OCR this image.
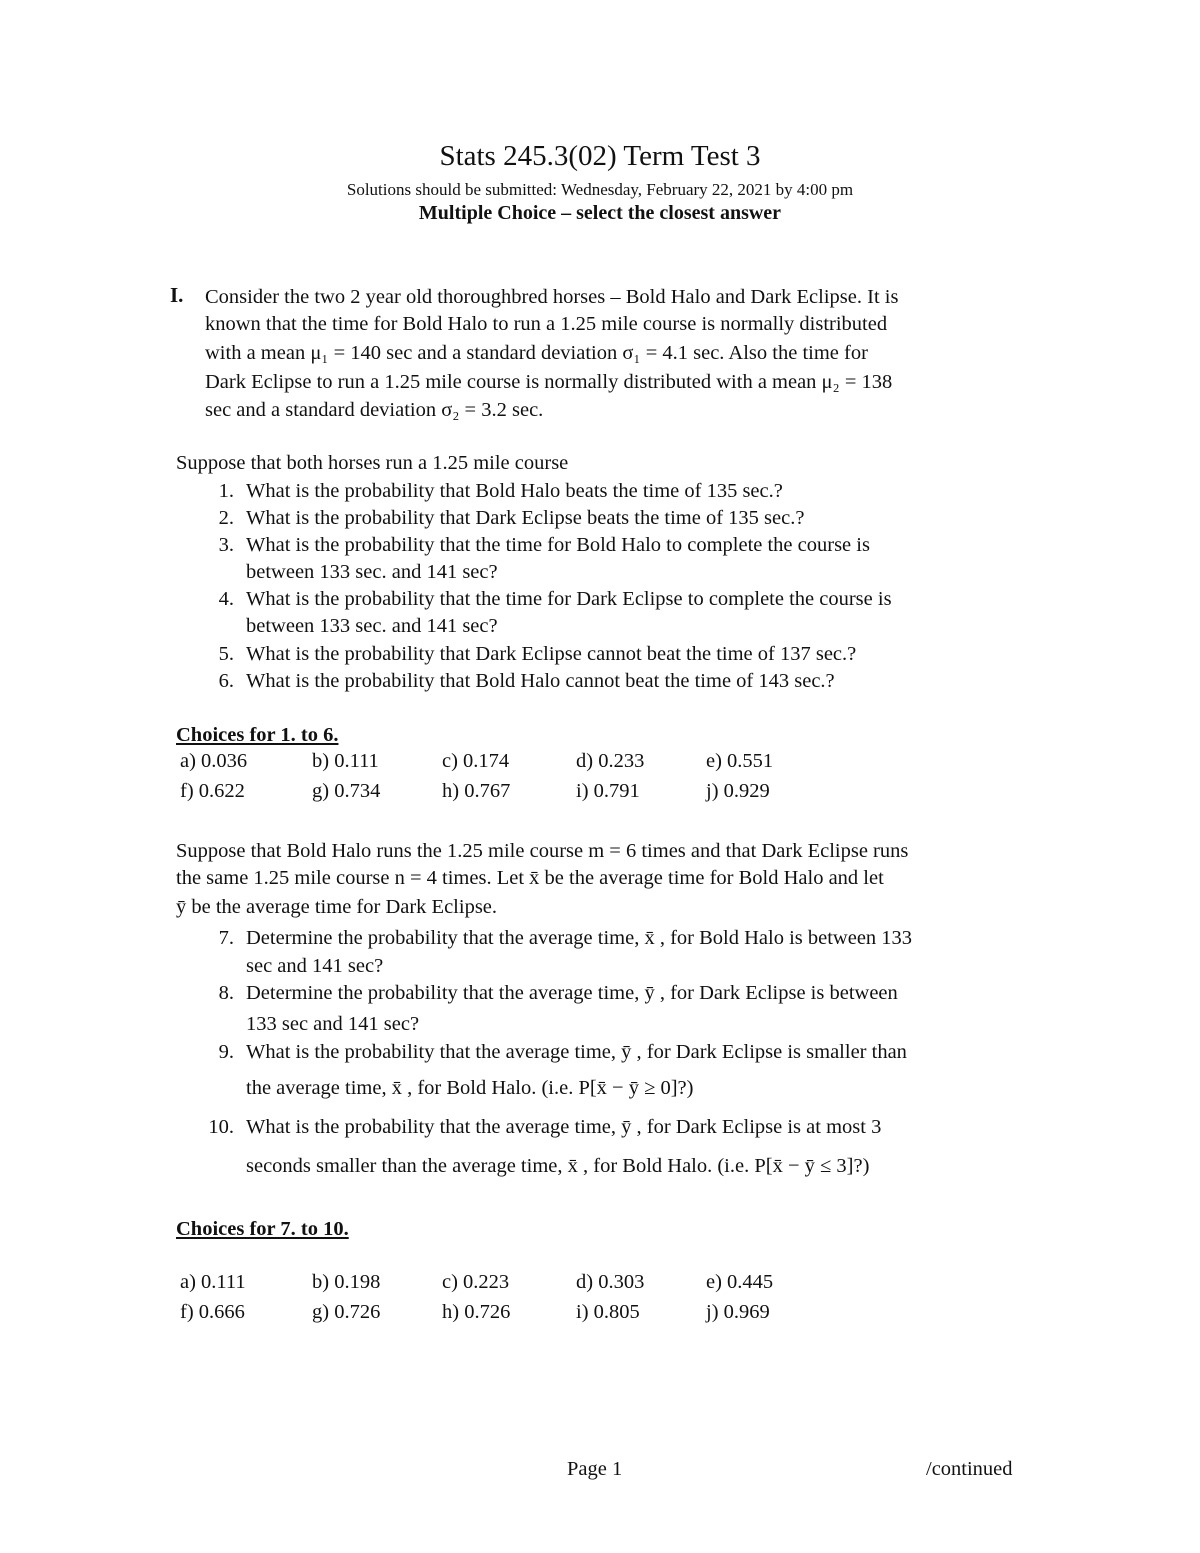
Stats 245.3(02) Term Test 3
Solutions should be submitted: Wednesday, February 22, 2021 by 4:00 pm
Multiple Choice – select the closest answer
I. Consider the two 2 year old thoroughbred horses – Bold Halo and Dark Eclipse. It is
known that the time for Bold Halo to run a 1.25 mile course is normally distributed
with a mean μ₁ = 140 sec and a standard deviation σ₁ = 4.1 sec. Also the time for
Dark Eclipse to run a 1.25 mile course is normally distributed with a mean μ₂ = 138
sec and a standard deviation σ₂ = 3.2 sec.
Suppose that both horses run a 1.25 mile course
1. What is the probability that Bold Halo beats the time of 135 sec.?
2. What is the probability that Dark Eclipse beats the time of 135 sec.?
3. What is the probability that the time for Bold Halo to complete the course is
between 133 sec. and 141 sec?
4. What is the probability that the time for Dark Eclipse to complete the course is
between 133 sec. and 141 sec?
5. What is the probability that Dark Eclipse cannot beat the time of 137 sec.?
6. What is the probability that Bold Halo cannot beat the time of 143 sec.?
Choices for 1. to 6.
a) 0.036	b) 0.111	c) 0.174	d) 0.233	e) 0.551
f) 0.622	g) 0.734	h) 0.767	i) 0.791	j) 0.929
Suppose that Bold Halo runs the 1.25 mile course m = 6 times and that Dark Eclipse runs
the same 1.25 mile course n = 4 times. Let x̄ be the average time for Bold Halo and let
ȳ be the average time for Dark Eclipse.
7. Determine the probability that the average time, x̄ , for Bold Halo is between 133
sec and 141 sec?
8. Determine the probability that the average time, ȳ , for Dark Eclipse is between
133 sec and 141 sec?
9. What is the probability that the average time, ȳ , for Dark Eclipse is smaller than
the average time, x̄ , for Bold Halo. (i.e. P[x̄ − ȳ ≥ 0]?)
10. What is the probability that the average time, ȳ , for Dark Eclipse is at most 3
seconds smaller than the average time, x̄ , for Bold Halo. (i.e. P[x̄ − ȳ ≤ 3]?)
Choices for 7. to 10.
a) 0.111	b) 0.198	c) 0.223	d) 0.303	e) 0.445
f) 0.666	g) 0.726	h) 0.726	i) 0.805	j) 0.969
Page 1	/continued
